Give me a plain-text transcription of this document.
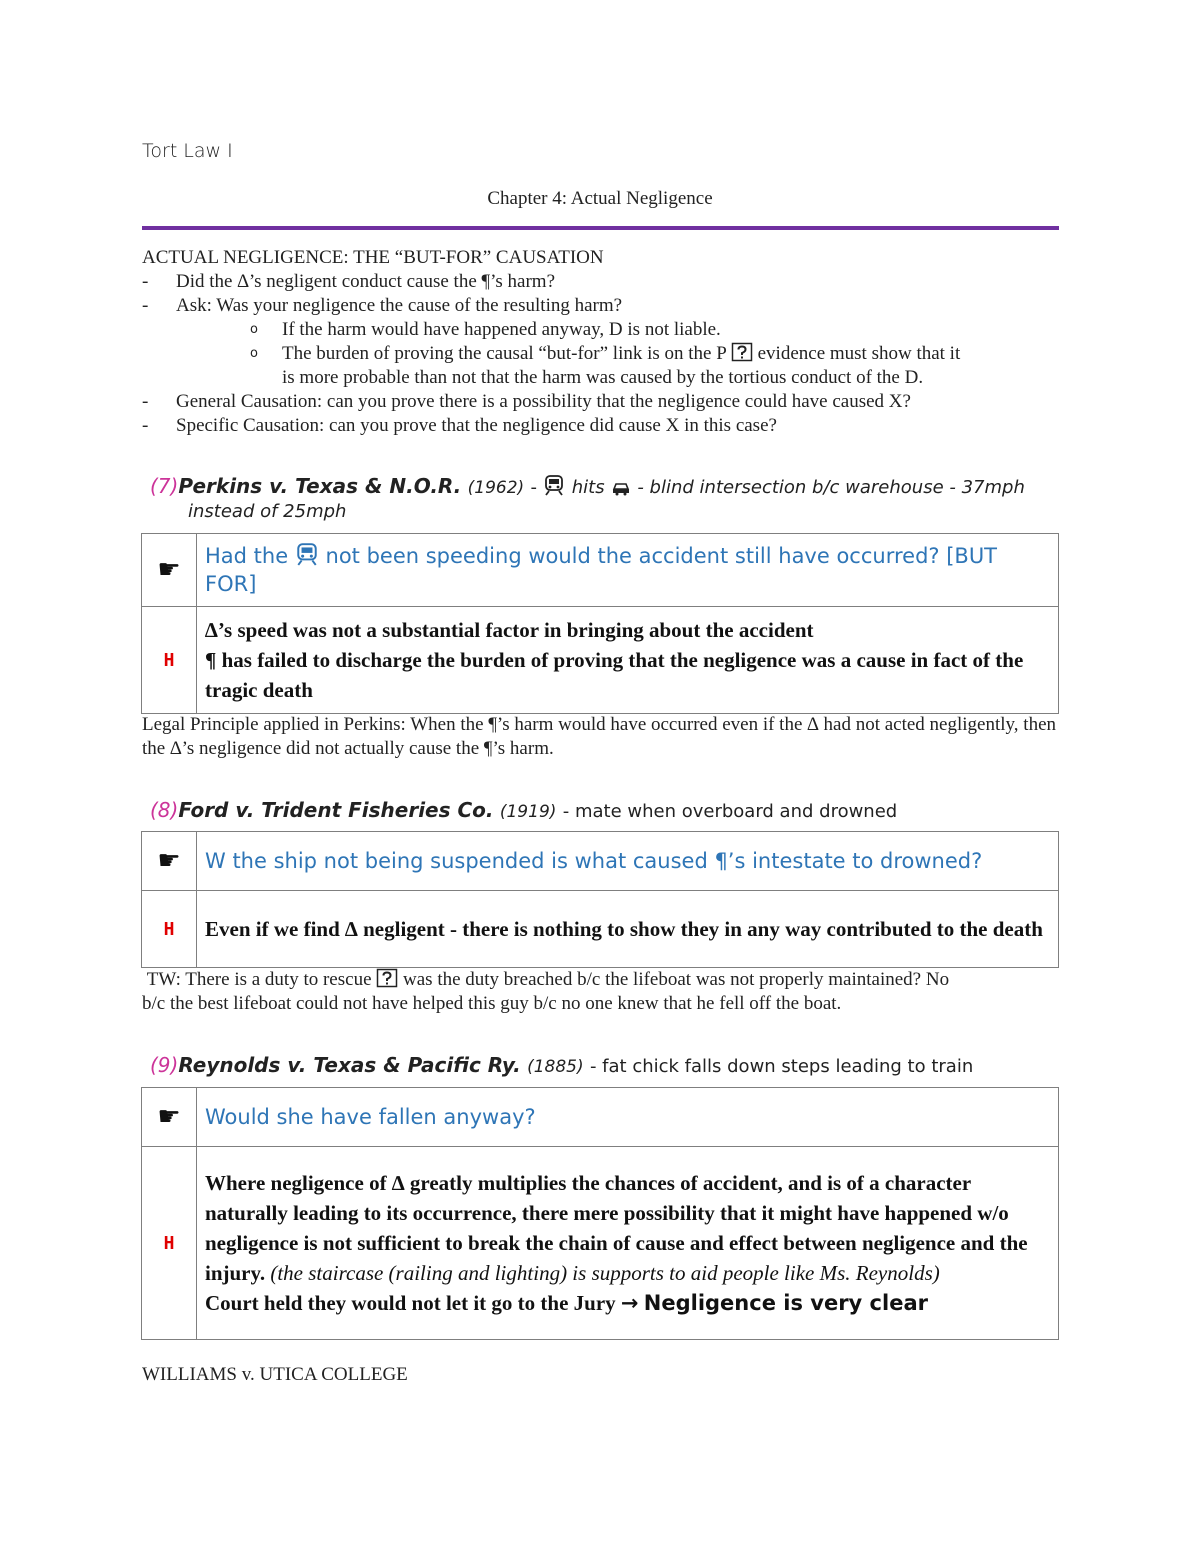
Tort Law I
Chapter 4: Actual Negligence
ACTUAL NEGLIGENCE: THE “BUT-FOR” CAUSATION
- Did the ∆’s negligent conduct cause the ¶’s harm?
- Ask: Was your negligence the cause of the resulting harm?
o If the harm would have happened anyway, D is not liable.
o The burden of proving the causal “but-for” link is on the P evidence must show that it
is more probable than not that the harm was caused by the tortious conduct of the D.
- General Causation: can you prove there is a possibility that the negligence could have caused X?
- Specific Causation: can you prove that the negligence did cause X in this case?
(7)Perkins v. Texas & N.O.R. (1962) - hits - blind intersection b/c warehouse - 37mph
instead of 25mph
☛	Had the not been speeding would the accident still have occurred? [BUT FOR]
H	∆’s speed was not a substantial factor in bringing about the accident
¶ has failed to discharge the burden of proving that the negligence was a cause in fact of the tragic death
Legal Principle applied in Perkins: When the ¶’s harm would have occurred even if the ∆ had not acted negligently, then the ∆’s negligence did not actually cause the ¶’s harm.
(8)Ford v. Trident Fisheries Co. (1919) - mate when overboard and drowned
☛	W the ship not being suspended is what caused ¶’s intestate to drowned?
H	Even if we find ∆ negligent - there is nothing to show they in any way contributed to the death
TW: There is a duty to rescue was the duty breached b/c the lifeboat was not properly maintained? No
b/c the best lifeboat could not have helped this guy b/c no one knew that he fell off the boat.
(9)Reynolds v. Texas & Pacific Ry. (1885) - fat chick falls down steps leading to train
☛	Would she have fallen anyway?
H	Where negligence of ∆ greatly multiplies the chances of accident, and is of a character naturally leading to its occurrence, there mere possibility that it might have happened w/o negligence is not sufficient to break the chain of cause and effect between negligence and the injury. (the staircase (railing and lighting) is supports to aid people like Ms. Reynolds)
Court held they would not let it go to the Jury → Negligence is very clear
WILLIAMS v. UTICA COLLEGE
